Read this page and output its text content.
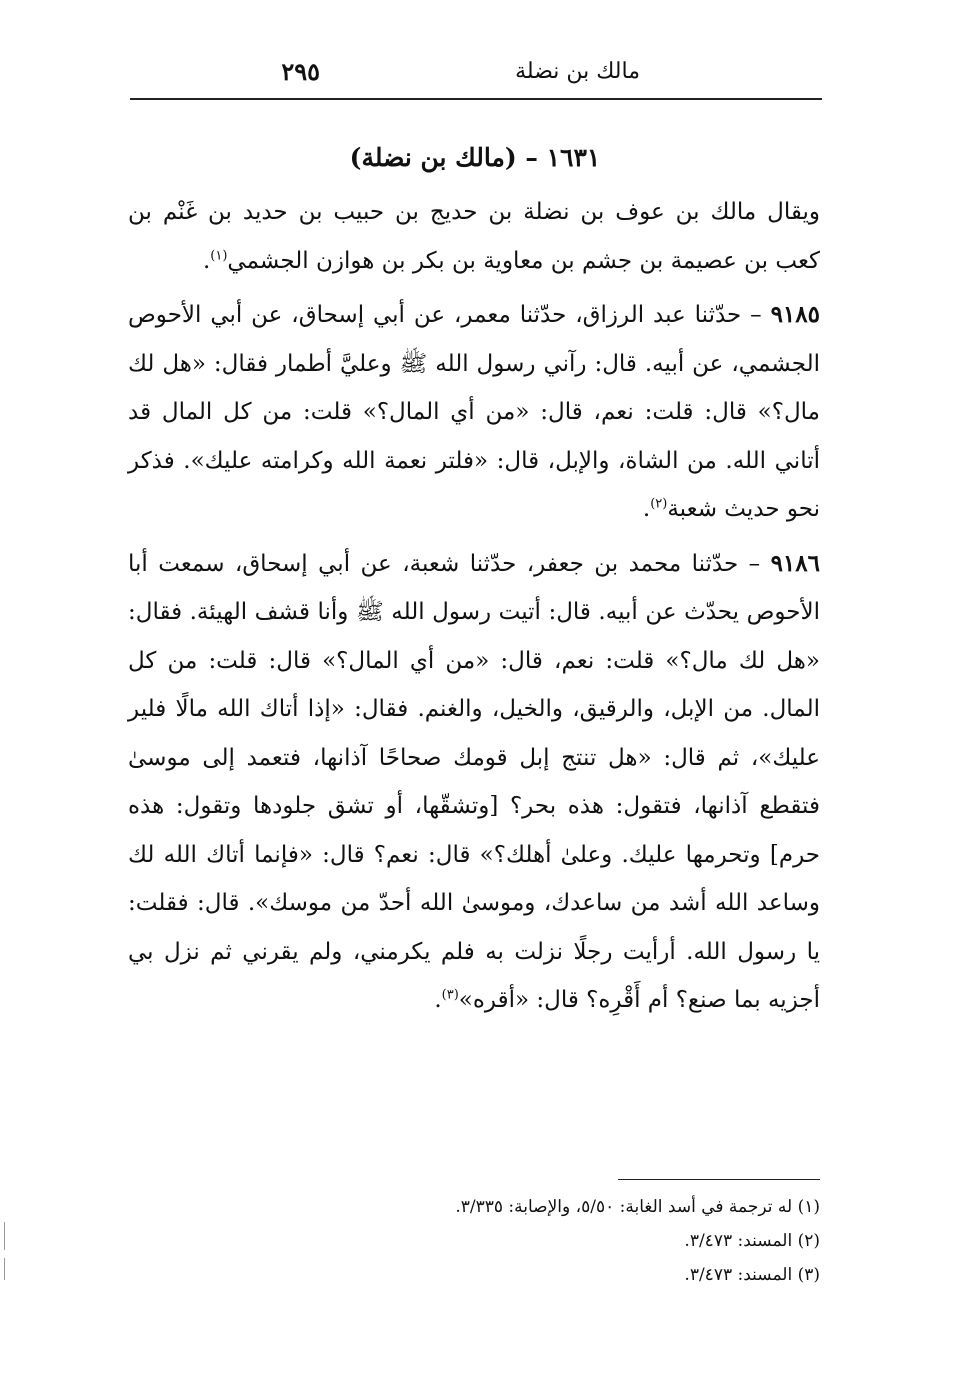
مالك بن نضلة
٢٩٥
١٦٣١ – (مالك بن نضلة)

ويقال مالك بن عوف بن نضلة بن حديج بن حبيب بن حديد بن غَنْم بن كعب بن عصيمة بن جشم بن معاوية بن بكر بن هوازن الجشمي$^{(١)}$.

٩١٨٥ – حدّثنا عبد الرزاق، حدّثنا معمر، عن أبي إسحاق، عن أبي الأحوص الجشمي، عن أبيه. قال: رآني رسول الله ﷺ وعليَّ أطمار فقال: «هل لك مال؟» قال: قلت: نعم، قال: «من أي المال؟» قلت: من كل المال قد أتاني الله. من الشاة، والإبل، قال: «فلتر نعمة الله وكرامته عليك». فذكر نحو حديث شعبة$^{(٢)}$.

٩١٨٦ – حدّثنا محمد بن جعفر، حدّثنا شعبة، عن أبي إسحاق، سمعت أبا الأحوص يحدّث عن أبيه. قال: أتيت رسول الله ﷺ وأنا قشف الهيئة. فقال: «هل لك مال؟» قلت: نعم، قال: «من أي المال؟» قال: قلت: من كل المال. من الإبل، والرقيق، والخيل، والغنم. فقال: «إذا أتاك الله مالًا فلير عليك»، ثم قال: «هل تنتج إبل قومك صحاحًا آذانها، فتعمد إلى موسىٰ فتقطع آذانها، فتقول: هذه بحر؟ [وتشقّها، أو تشق جلودها وتقول: هذه حرم] وتحرمها عليك. وعلىٰ أهلك؟» قال: نعم؟ قال: «فإنما أتاك الله لك وساعد الله أشد من ساعدك، وموسىٰ الله أحدّ من موسك». قال: فقلت: يا رسول الله. أرأيت رجلًا نزلت به فلم يكرمني، ولم يقرني ثم نزل بي أجزيه بما صنع؟ أم أَقْرِه؟ قال: «أقره»$^{(٣)}$.

(١) له ترجمة في أسد الغابة: ٥/٥٠، والإصابة: ٣/٣٣٥.
(٢) المسند: ٣/٤٧٣.
(٣) المسند: ٣/٤٧٣.
